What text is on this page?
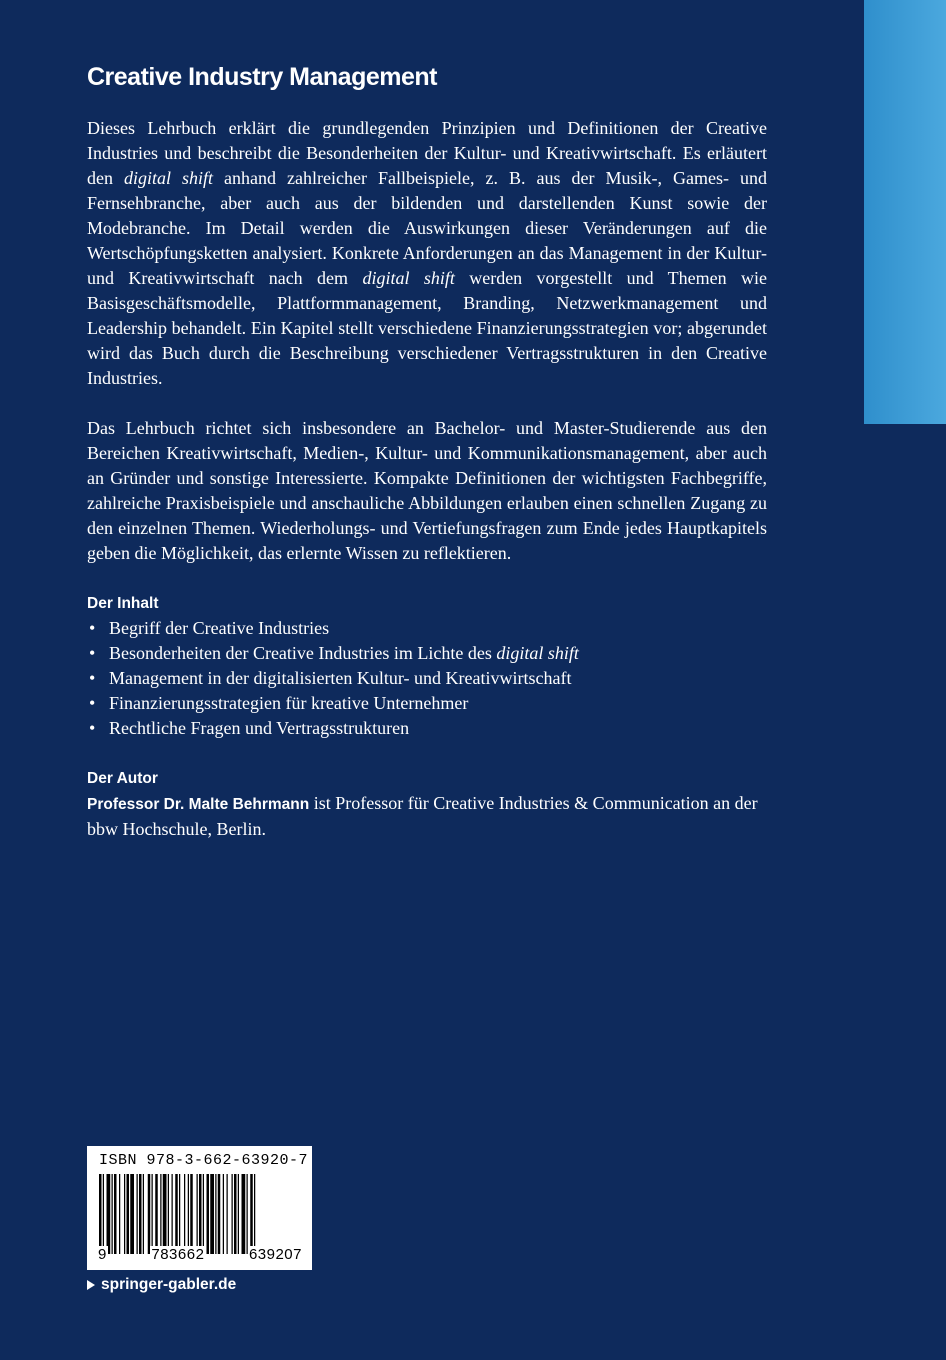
Creative Industry Management

Dieses Lehrbuch erklärt die grundlegenden Prinzipien und Definitionen der Creative Industries und beschreibt die Besonderheiten der Kultur- und Kreativwirtschaft. Es erläutert den digital shift anhand zahlreicher Fallbeispiele, z. B. aus der Musik-, Games- und Fernsehbranche, aber auch aus der bildenden und darstellenden Kunst sowie der Modebranche. Im Detail werden die Auswirkungen dieser Veränderungen auf die Wertschöpfungsketten analysiert. Konkrete Anforderungen an das Management in der Kultur- und Kreativwirtschaft nach dem digital shift werden vorgestellt und Themen wie Basisgeschäftsmodelle, Plattformmanagement, Branding, Netzwerkmanagement und Leadership behandelt. Ein Kapitel stellt verschiedene Finanzierungsstrategien vor; abgerundet wird das Buch durch die Beschreibung verschiedener Vertragsstrukturen in den Creative Industries.

Das Lehrbuch richtet sich insbesondere an Bachelor- und Master-Studierende aus den Bereichen Kreativwirtschaft, Medien-, Kultur- und Kommunikationsmanagement, aber auch an Gründer und sonstige Interessierte. Kompakte Definitionen der wichtigsten Fachbegriffe, zahlreiche Praxisbeispiele und anschauliche Abbildungen erlauben einen schnellen Zugang zu den einzelnen Themen. Wiederholungs- und Vertiefungsfragen zum Ende jedes Hauptkapitels geben die Möglichkeit, das erlernte Wissen zu reflektieren.

Der Inhalt
• Begriff der Creative Industries
• Besonderheiten der Creative Industries im Lichte des digital shift
• Management in der digitalisierten Kultur- und Kreativwirtschaft
• Finanzierungsstrategien für kreative Unternehmer
• Rechtliche Fragen und Vertragsstrukturen
Der Autor

Professor Dr. Malte Behrmann ist Professor für Creative Industries & Communication an der bbw Hochschule, Berlin.

ISBN 978-3-662-63920-7
9	783662	639207
springer-gabler.de
